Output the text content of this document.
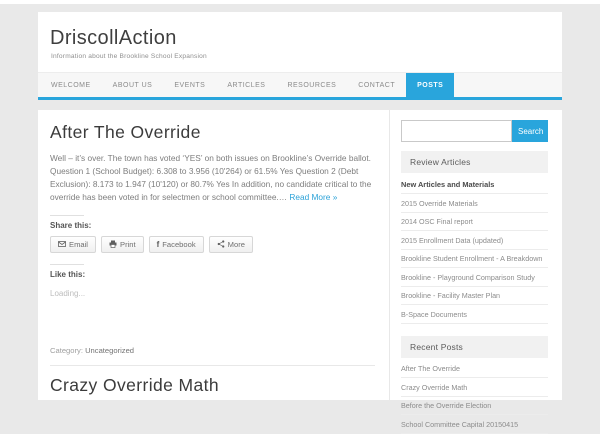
DriscollAction
Information about the Brookline School Expansion
WELCOME	ABOUT US	EVENTS	ARTICLES	RESOURCES	CONTACT	POSTS
After The Override

Well – it’s over. The town has voted ‘YES’ on both issues on Brookline’s Override ballot. Question 1 (School Budget): 6.308 to 3.956 (10'264) or 61.5% Yes Question 2 (Debt Exclusion): 8.173 to 1.947 (10'120) or 80.7% Yes In addition, no candidate critical to the override has been voted in for selectmen or school committee.… Read More »

Share this:
Email	Print	f Facebook	More
Like this:
Loading...
Category: Uncategorized
Crazy Override Math
Search
Review Articles
New Articles and Materials
2015 Override Materials
2014 OSC Final report
2015 Enrollment Data (updated)
Brookline Student Enrollment - A Breakdown
Brookline - Playground Comparison Study
Brookline - Facility Master Plan
B-Space Documents
Recent Posts
After The Override
Crazy Override Math
Before the Override Election
School Committee Capital 20150415
